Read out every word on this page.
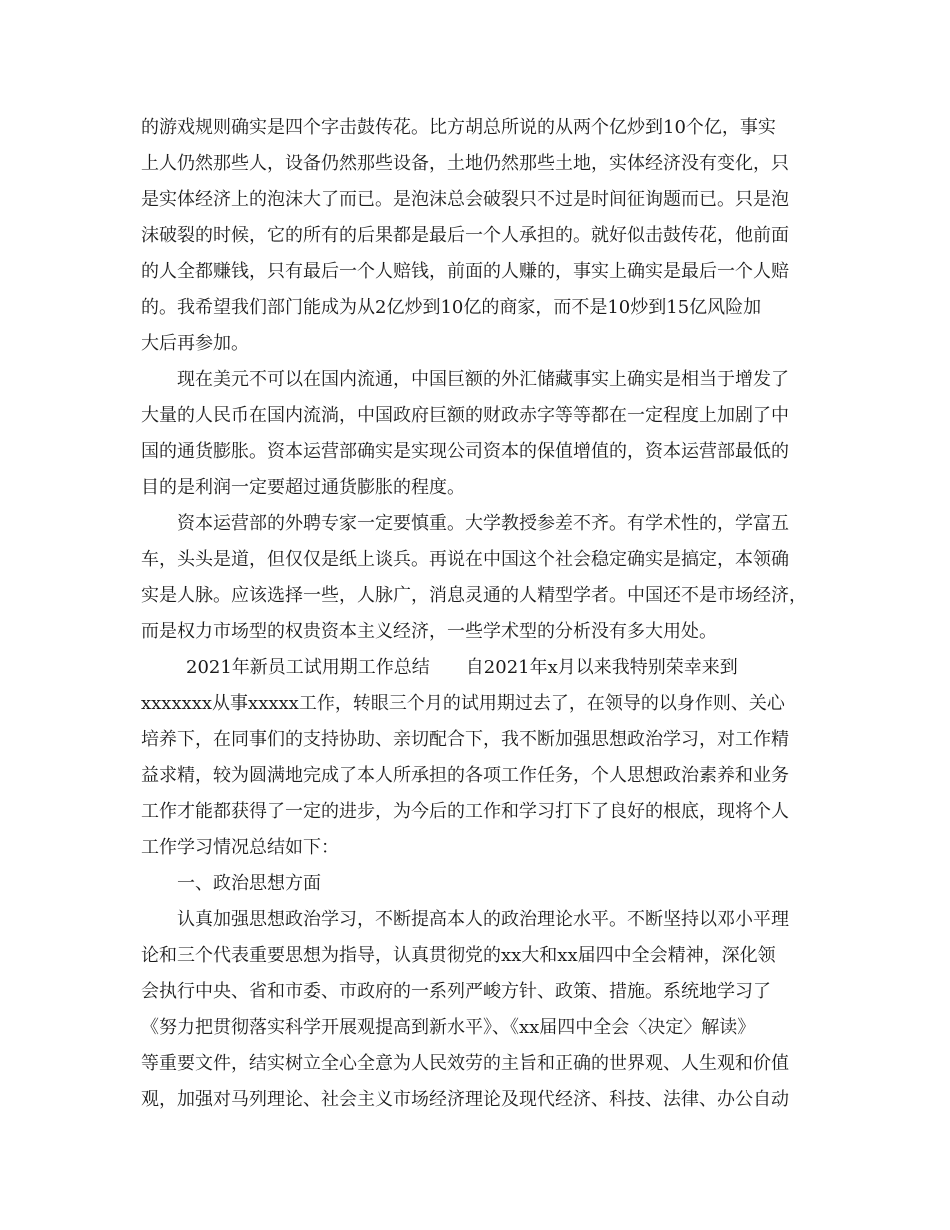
的游戏规则确实是四个字击鼓传花。比方胡总所说的从两个亿炒到10个亿，事实
上人仍然那些人，设备仍然那些设备，土地仍然那些土地，实体经济没有变化，只
是实体经济上的泡沫大了而已。是泡沫总会破裂只不过是时间征询题而已。只是泡
沫破裂的时候，它的所有的后果都是最后一个人承担的。就好似击鼓传花，他前面
的人全都赚钱，只有最后一个人赔钱，前面的人赚的，事实上确实是最后一个人赔
的。我希望我们部门能成为从2亿炒到10亿的商家，而不是10炒到15亿风险加
大后再参加。
现在美元不可以在国内流通，中国巨额的外汇储藏事实上确实是相当于增发了
大量的人民币在国内流淌，中国政府巨额的财政赤字等等都在一定程度上加剧了中
国的通货膨胀。资本运营部确实是实现公司资本的保值增值的，资本运营部最低的
目的是利润一定要超过通货膨胀的程度。
资本运营部的外聘专家一定要慎重。大学教授参差不齐。有学术性的，学富五
车，头头是道，但仅仅是纸上谈兵。再说在中国这个社会稳定确实是搞定，本领确
实是人脉。应该选择一些，人脉广，消息灵通的人精型学者。中国还不是市场经济，
而是权力市场型的权贵资本主义经济，一些学术型的分析没有多大用处。
2021年新员工试用期工作总结　　自2021年x月以来我特别荣幸来到
xxxxxxx从事xxxxx工作，转眼三个月的试用期过去了，在领导的以身作则、关心
培养下，在同事们的支持协助、亲切配合下，我不断加强思想政治学习，对工作精
益求精，较为圆满地完成了本人所承担的各项工作任务，个人思想政治素养和业务
工作才能都获得了一定的进步，为今后的工作和学习打下了良好的根底，现将个人
工作学习情况总结如下：
一、政治思想方面
认真加强思想政治学习，不断提高本人的政治理论水平。不断坚持以邓小平理
论和三个代表重要思想为指导，认真贯彻党的xx大和xx届四中全会精神，深化领
会执行中央、省和市委、市政府的一系列严峻方针、政策、措施。系统地学习了
《努力把贯彻落实科学开展观提高到新水平》、《xx届四中全会〈决定〉解读》
等重要文件，结实树立全心全意为人民效劳的主旨和正确的世界观、人生观和价值
观，加强对马列理论、社会主义市场经济理论及现代经济、科技、法律、办公自动
